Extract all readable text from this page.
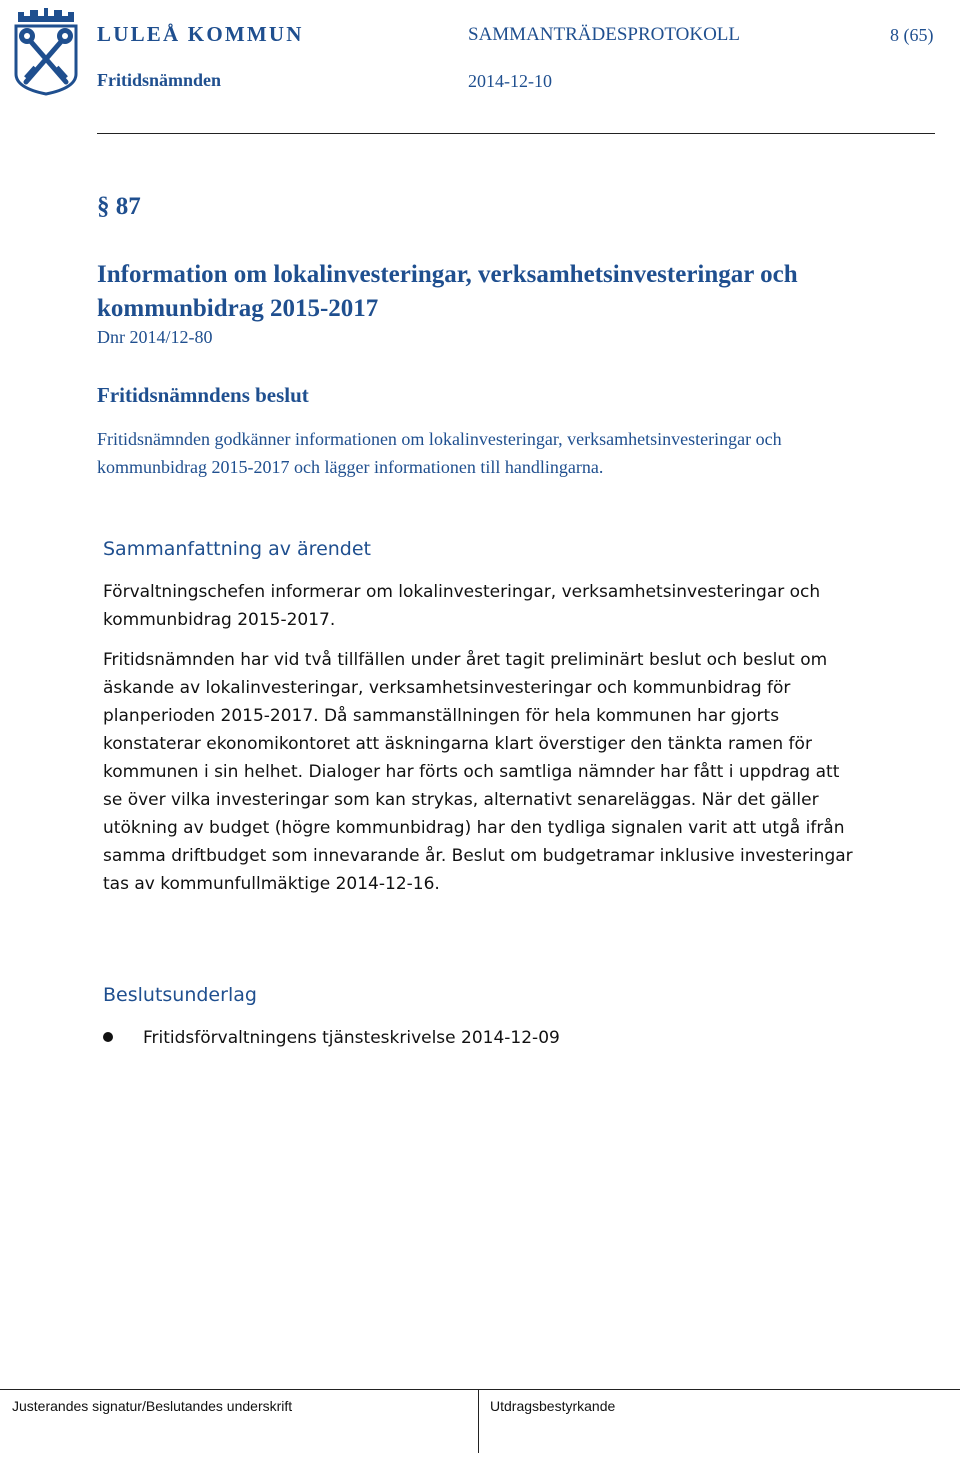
LULEÅ KOMMUN
Fritidsnämnden
SAMMANTRÄDESPROTOKOLL	8 (65)
2014-12-10
§ 87
Information om lokalinvesteringar, verksamhetsinvesteringar och kommunbidrag 2015-2017
Dnr 2014/12-80
Fritidsnämndens beslut
Fritidsnämnden godkänner informationen om lokalinvesteringar, verksamhetsinvesteringar och kommunbidrag 2015-2017 och lägger informationen till handlingarna.
Sammanfattning av ärendet
Förvaltningschefen informerar om lokalinvesteringar, verksamhetsinvesteringar och kommunbidrag 2015-2017.
Fritidsnämnden har vid två tillfällen under året tagit preliminärt beslut och beslut om äskande av lokalinvesteringar, verksamhetsinvesteringar och kommunbidrag för planperioden 2015-2017. Då sammanställningen för hela kommunen har gjorts konstaterar ekonomikontoret att äskningarna klart överstiger den tänkta ramen för kommunen i sin helhet. Dialoger har förts och samtliga nämnder har fått i uppdrag att se över vilka investeringar som kan strykas, alternativt senareläggas. När det gäller utökning av budget (högre kommunbidrag) har den tydliga signalen varit att utgå ifrån samma driftbudget som innevarande år. Beslut om budgetramar inklusive investeringar tas av kommunfullmäktige 2014-12-16.
Beslutsunderlag
Fritidsförvaltningens tjänsteskrivelse 2014-12-09
Justerandes signatur/Beslutandes underskrift	Utdragsbestyrkande
